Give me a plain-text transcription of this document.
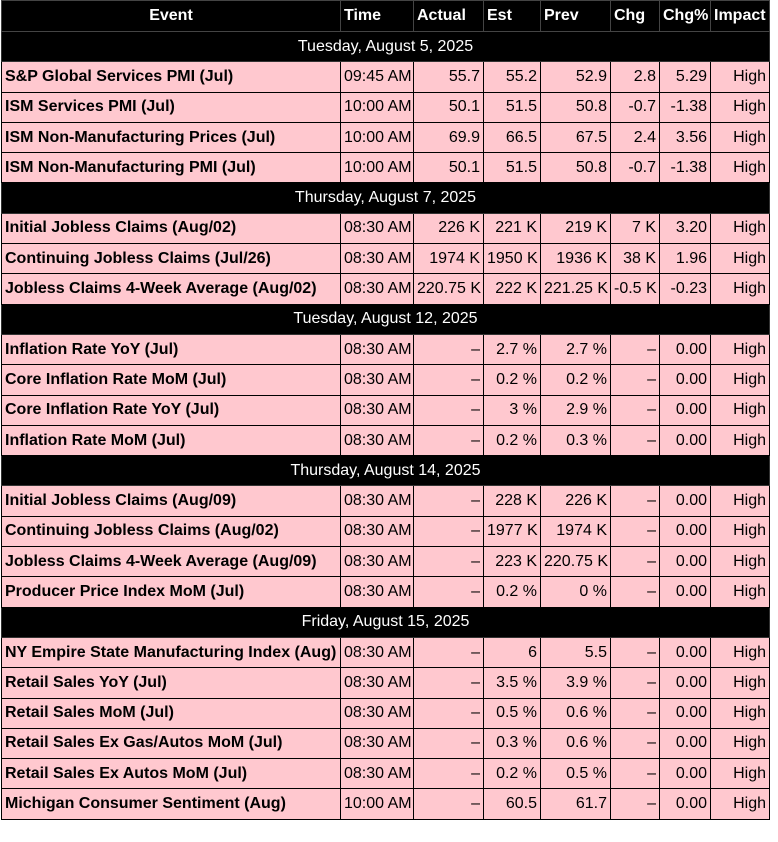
Event	Time	Actual	Est	Prev	Chg	Chg%	Impact
Tuesday, August 5, 2025							
S&P Global Services PMI (Jul)	09:45 AM	55.7	55.2	52.9	2.8	5.29	High
ISM Services PMI (Jul)	10:00 AM	50.1	51.5	50.8	-0.7	-1.38	High
ISM Non-Manufacturing Prices (Jul)	10:00 AM	69.9	66.5	67.5	2.4	3.56	High
ISM Non-Manufacturing PMI (Jul)	10:00 AM	50.1	51.5	50.8	-0.7	-1.38	High
Thursday, August 7, 2025							
Initial Jobless Claims (Aug/02)	08:30 AM	226 K	221 K	219 K	7 K	3.20	High
Continuing Jobless Claims (Jul/26)	08:30 AM	1974 K	1950 K	1936 K	38 K	1.96	High
Jobless Claims 4-Week Average (Aug/02)	08:30 AM	220.75 K	222 K	221.25 K	-0.5 K	-0.23	High
Tuesday, August 12, 2025							
Inflation Rate YoY (Jul)	08:30 AM	–	2.7 %	2.7 %	–	0.00	High
Core Inflation Rate MoM (Jul)	08:30 AM	–	0.2 %	0.2 %	–	0.00	High
Core Inflation Rate YoY (Jul)	08:30 AM	–	3 %	2.9 %	–	0.00	High
Inflation Rate MoM (Jul)	08:30 AM	–	0.2 %	0.3 %	–	0.00	High
Thursday, August 14, 2025							
Initial Jobless Claims (Aug/09)	08:30 AM	–	228 K	226 K	–	0.00	High
Continuing Jobless Claims (Aug/02)	08:30 AM	–	1977 K	1974 K	–	0.00	High
Jobless Claims 4-Week Average (Aug/09)	08:30 AM	–	223 K	220.75 K	–	0.00	High
Producer Price Index MoM (Jul)	08:30 AM	–	0.2 %	0 %	–	0.00	High
Friday, August 15, 2025							
NY Empire State Manufacturing Index (Aug)	08:30 AM	–	6	5.5	–	0.00	High
Retail Sales YoY (Jul)	08:30 AM	–	3.5 %	3.9 %	–	0.00	High
Retail Sales MoM (Jul)	08:30 AM	–	0.5 %	0.6 %	–	0.00	High
Retail Sales Ex Gas/Autos MoM (Jul)	08:30 AM	–	0.3 %	0.6 %	–	0.00	High
Retail Sales Ex Autos MoM (Jul)	08:30 AM	–	0.2 %	0.5 %	–	0.00	High
Michigan Consumer Sentiment (Aug)	10:00 AM	–	60.5	61.7	–	0.00	High
